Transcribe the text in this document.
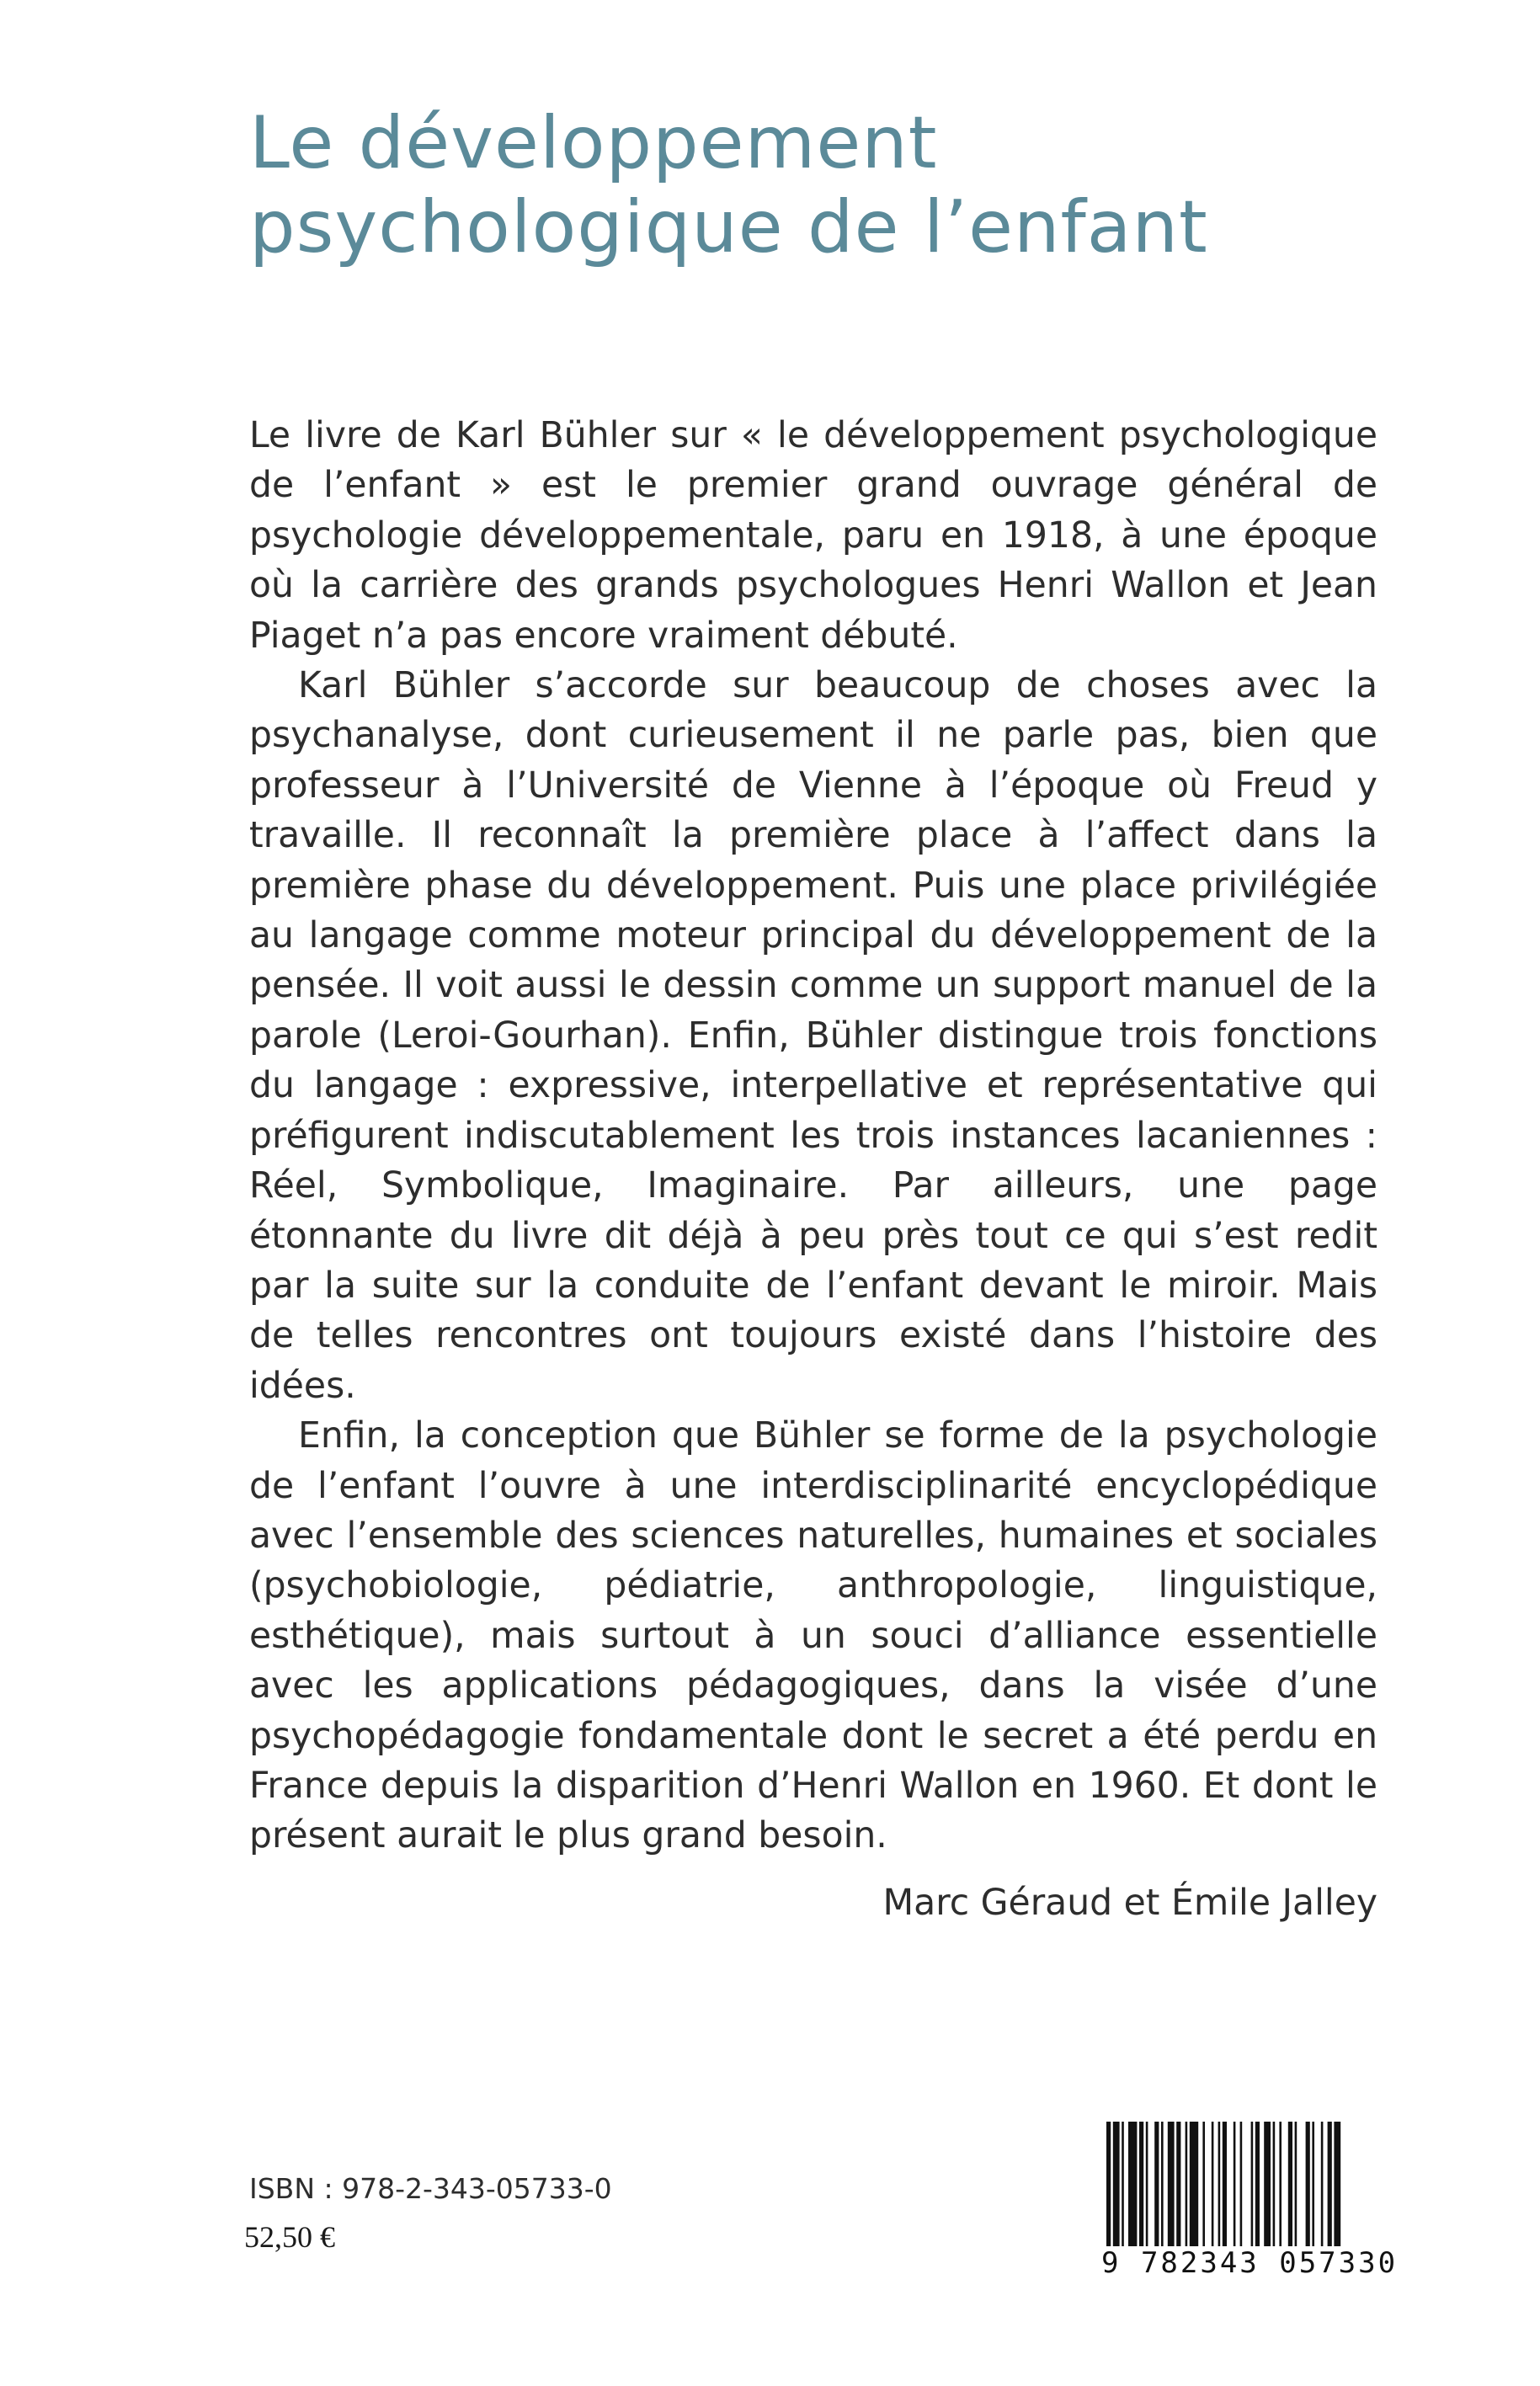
Le développement
psychologique de l’enfant

Le livre de Karl Bühler sur « le développement psychologique de l’enfant » est le premier grand ouvrage général de psychologie développementale, paru en 1918, à une époque où la carrière des grands psychologues Henri Wallon et Jean Piaget n’a pas encore vraiment débuté.

Karl Bühler s’accorde sur beaucoup de choses avec la psychanalyse, dont curieusement il ne parle pas, bien que professeur à l’Université de Vienne à l’époque où Freud y travaille. Il reconnaît la première place à l’affect dans la première phase du développement. Puis une place privilégiée au langage comme moteur principal du développement de la pensée. Il voit aussi le dessin comme un support manuel de la parole (Leroi-Gourhan). Enfin, Bühler distingue trois fonctions du langage : expressive, interpellative et représentative qui préfigurent indiscutablement les trois instances lacaniennes : Réel, Symbolique, Imaginaire. Par ailleurs, une page étonnante du livre dit déjà à peu près tout ce qui s’est redit par la suite sur la conduite de l’enfant devant le miroir. Mais de telles rencontres ont toujours existé dans l’histoire des idées.

Enfin, la conception que Bühler se forme de la psychologie de l’enfant l’ouvre à une interdisciplinarité encyclopédique avec l’ensemble des sciences naturelles, humaines et sociales (psychobiologie, pédiatrie, anthropologie, linguistique, esthétique), mais surtout à un souci d’alliance essentielle avec les applications pédagogiques, dans la visée d’une psychopédagogie fondamentale dont le secret a été perdu en France depuis la disparition d’Henri Wallon en 1960. Et dont le présent aurait le plus grand besoin.

Marc Géraud et Émile Jalley
ISBN : 978-2-343-05733-0
52,50 €
9 782343 057330
